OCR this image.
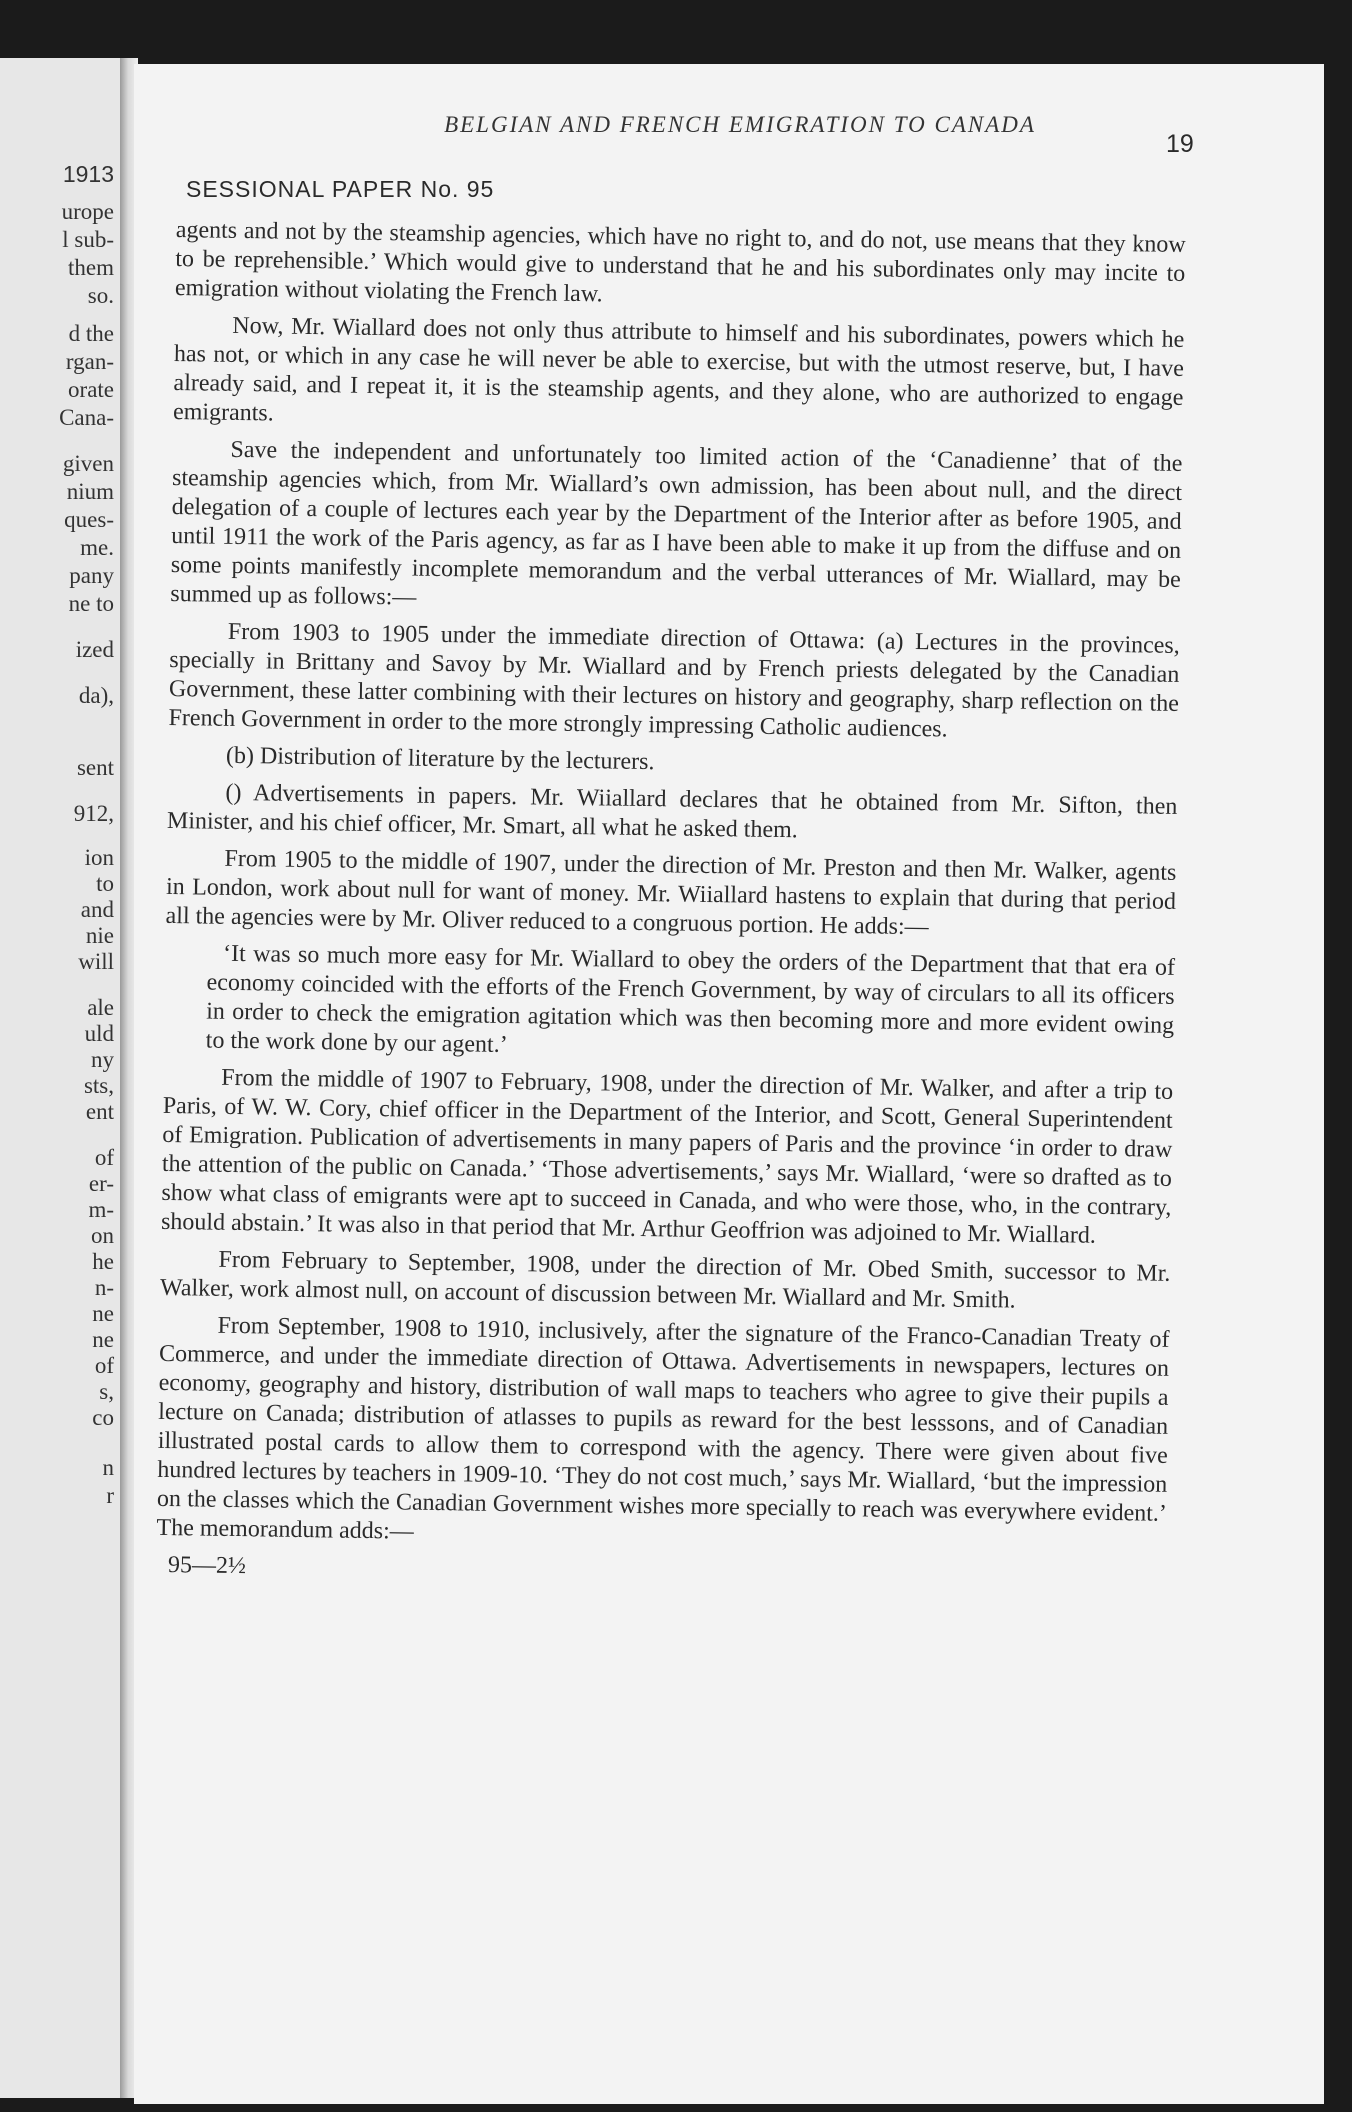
1913
urope
l sub-
them
so.
d the
rgan-
orate
Cana-
given
nium
ques-
me.
pany
ne to
ized
da),
sent
912,
ion
to
and
nie
will
ale
uld
ny
sts,
ent
of
er-
m-
on
he
n-
ne
ne
of
s,
co
n
r
BELGIAN AND FRENCH EMIGRATION TO CANADA
19
SESSIONAL PAPER No. 95

agents and not by the steamship agencies, which have no right to, and do not, use means that they know to be reprehensible.’ Which would give to understand that he and his subordinates only may incite to emigration without violating the French law.

Now, Mr. Wiallard does not only thus attribute to himself and his subordinates, powers which he has not, or which in any case he will never be able to exercise, but with the utmost reserve, but, I have already said, and I repeat it, it is the steamship agents, and they alone, who are authorized to engage emigrants.

Save the independent and unfortunately too limited action of the ‘Canadienne’ that of the steamship agencies which, from Mr. Wiallard’s own admission, has been about null, and the direct delegation of a couple of lectures each year by the Department of the Interior after as before 1905, and until 1911 the work of the Paris agency, as far as I have been able to make it up from the diffuse and on some points manifestly incomplete memorandum and the verbal utterances of Mr. Wiallard, may be summed up as follows:—

From 1903 to 1905 under the immediate direction of Ottawa: (a) Lectures in the provinces, specially in Brittany and Savoy by Mr. Wiallard and by French priests delegated by the Canadian Government, these latter combining with their lectures on history and geography, sharp reflection on the French Government in order to the more strongly impressing Catholic audiences.

(b) Distribution of literature by the lecturers.

() Advertisements in papers. Mr. Wiiallard declares that he obtained from Mr. Sifton, then Minister, and his chief officer, Mr. Smart, all what he asked them.

From 1905 to the middle of 1907, under the direction of Mr. Preston and then Mr. Walker, agents in London, work about null for want of money. Mr. Wiiallard hastens to explain that during that period all the agencies were by Mr. Oliver reduced to a congruous portion. He adds:—

‘It was so much more easy for Mr. Wiallard to obey the orders of the Department that that era of economy coincided with the efforts of the French Government, by way of circulars to all its officers in order to check the emigration agitation which was then becoming more and more evident owing to the work done by our agent.’

From the middle of 1907 to February, 1908, under the direction of Mr. Walker, and after a trip to Paris, of W. W. Cory, chief officer in the Department of the Interior, and Scott, General Superintendent of Emigration. Publication of advertisements in many papers of Paris and the province ‘in order to draw the attention of the public on Canada.’ ‘Those advertisements,’ says Mr. Wiallard, ‘were so drafted as to show what class of emigrants were apt to succeed in Canada, and who were those, who, in the contrary, should abstain.’ It was also in that period that Mr. Arthur Geoffrion was adjoined to Mr. Wiallard.

From February to September, 1908, under the direction of Mr. Obed Smith, successor to Mr. Walker, work almost null, on account of discussion between Mr. Wiallard and Mr. Smith.

From September, 1908 to 1910, inclusively, after the signature of the Franco-Canadian Treaty of Commerce, and under the immediate direction of Ottawa. Advertisements in newspapers, lectures on economy, geography and history, distribution of wall maps to teachers who agree to give their pupils a lecture on Canada; distribution of atlasses to pupils as reward for the best lesssons, and of Canadian illustrated postal cards to allow them to correspond with the agency. There were given about five hundred lectures by teachers in 1909-10. ‘They do not cost much,’ says Mr. Wiallard, ‘but the impression on the classes which the Canadian Government wishes more specially to reach was everywhere evident.’ The memorandum adds:—

95—2½
